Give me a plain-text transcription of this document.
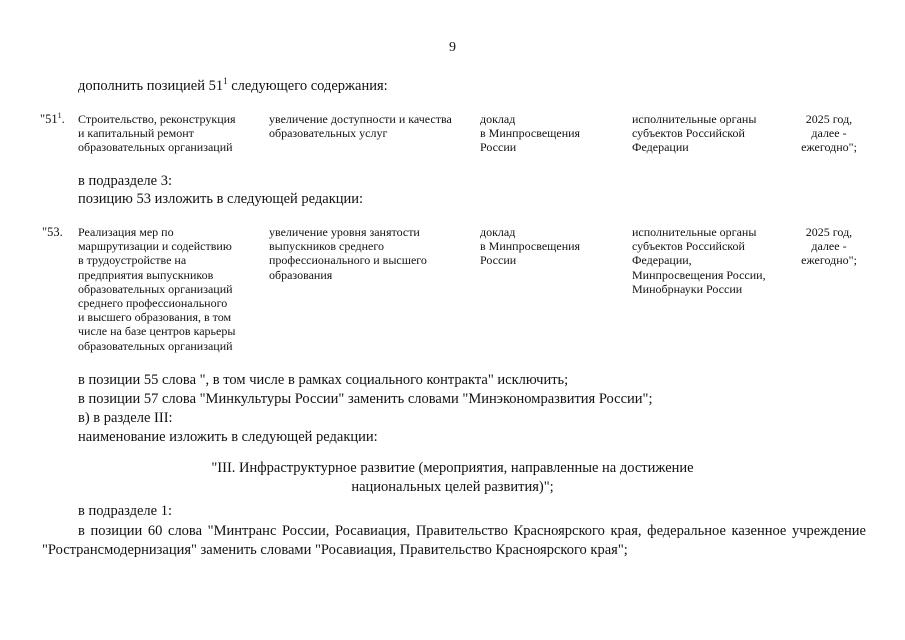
9
дополнить позицией $51^1$ следующего содержания:
"$51^1$. Строительство, реконструкция
и капитальный ремонт
образовательных организаций
увеличение доступности и качества
образовательных услуг
доклад
в Минпросвещения
России
исполнительные органы
субъектов Российской
Федерации
2025 год,
далее -
ежегодно";
в подразделе 3:
позицию 53 изложить в следующей редакции:
"53. Реализация мер по
маршрутизации и содействию
в трудоустройстве на
предприятия выпускников
образовательных организаций
среднего профессионального
и высшего образования, в том
числе на базе центров карьеры
образовательных организаций
увеличение уровня занятости
выпускников среднего
профессионального и высшего
образования
доклад
в Минпросвещения
России
исполнительные органы
субъектов Российской
Федерации,
Минпросвещения России,
Минобрнауки России
2025 год,
далее -
ежегодно";
в позиции 55 слова ", в том числе в рамках социального контракта" исключить;
в позиции 57 слова "Минкультуры России" заменить словами "Минэкономразвития России";
в) в разделе III:
наименование изложить в следующей редакции:
"III. Инфраструктурное развитие (мероприятия, направленные на достижение
национальных целей развития)";
в подразделе 1:
в позиции 60 слова "Минтранс России, Росавиация, Правительство Красноярского края, федеральное казенное учреждение "Ространсмодернизация" заменить словами "Росавиация, Правительство Красноярского края";
